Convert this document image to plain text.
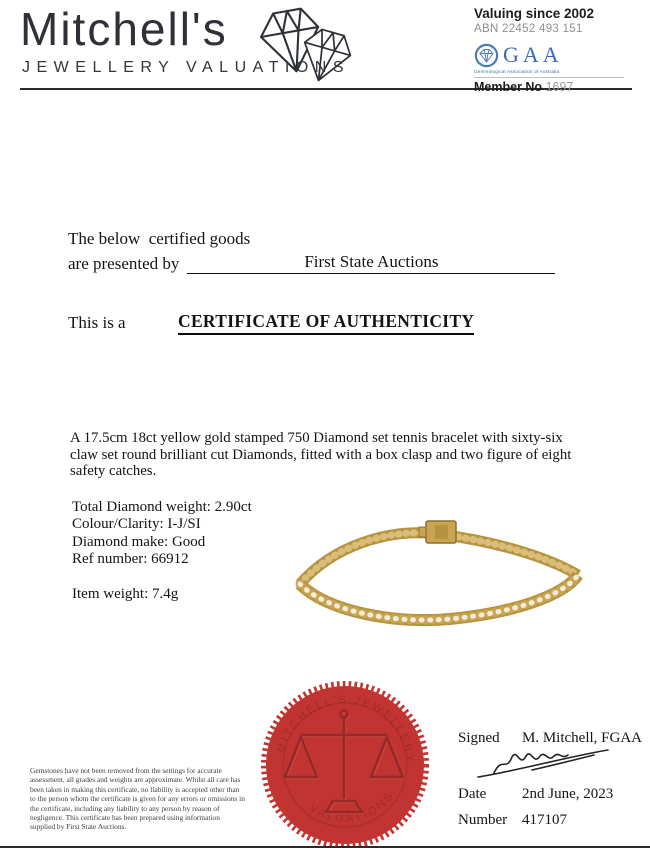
Mitchell's
JEWELLERY VALUATIONS
Valuing since 2002
ABN 22452 493 151
GAA
Gemmological Association of Australia
Member No 1697
The below  certified goods
are presented by	First State Auctions
This is a	CERTIFICATE OF AUTHENTICITY
A 17.5cm 18ct yellow gold stamped 750 Diamond set tennis bracelet with sixty-six claw set round brilliant cut Diamonds, fitted with a box clasp and two figure of eight safety catches.
Total Diamond weight: 2.90ct
Colour/Clarity: I-J/SI
Diamond make: Good
Ref number: 66912
Item weight: 7.4g
MITCHELL'S JEWELLERY
VALUATIONS
Signed	M. Mitchell, FGAA
Date	2nd June, 2023
Number 417107
Gemstones have not been removed from the settings for accurate assessment, all grades and weights are approximate. Whilst all care has been taken in making this certificate, no liability is accepted other than to the person whom the certificate is given for any errors or omissions in the certificate, including any liability to any person by reason of negligence. This certificate has been prepared using information supplied by First State Auctions.
